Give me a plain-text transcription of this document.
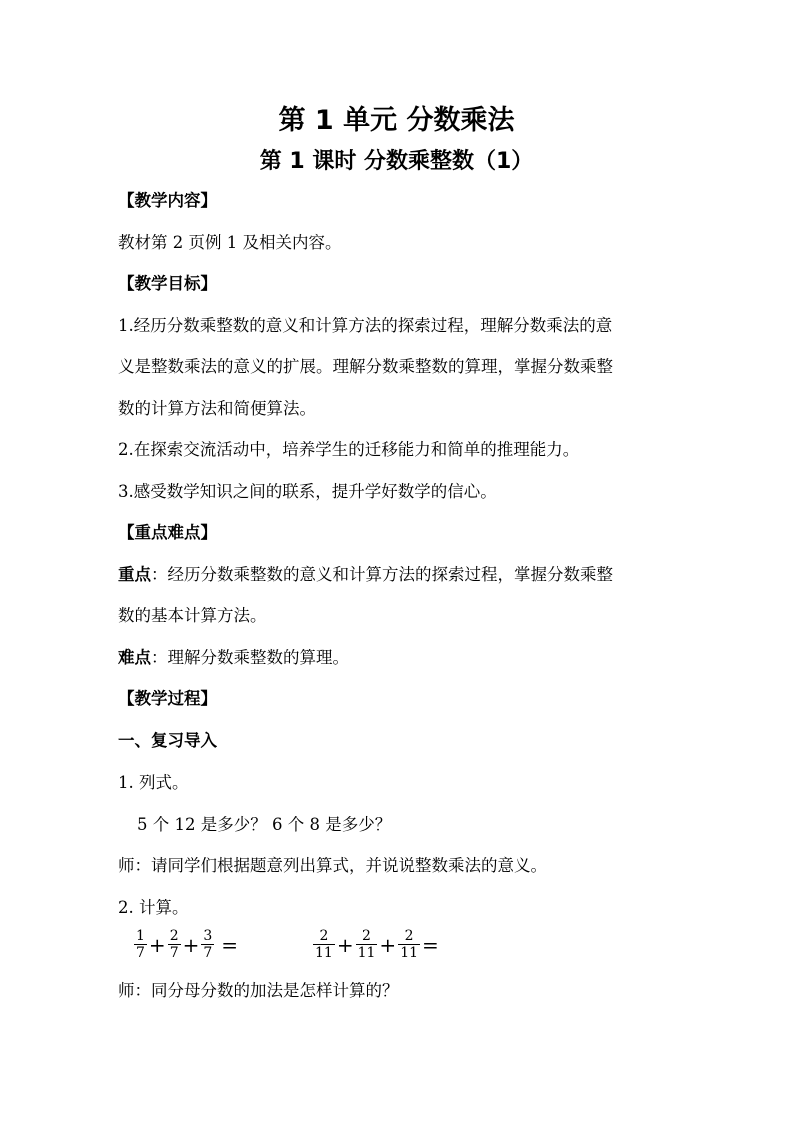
第 1 单元 分数乘法
第 1 课时 分数乘整数（1）
【教学内容】
教材第 2 页例 1 及相关内容。
【教学目标】
1.经历分数乘整数的意义和计算方法的探索过程，理解分数乘法的意
义是整数乘法的意义的扩展。理解分数乘整数的算理，掌握分数乘整
数的计算方法和简便算法。
2.在探索交流活动中，培养学生的迁移能力和简单的推理能力。
3.感受数学知识之间的联系，提升学好数学的信心。
【重点难点】
重点：经历分数乘整数的意义和计算方法的探索过程，掌握分数乘整
数的基本计算方法。
难点：理解分数乘整数的算理。
【教学过程】
一、复习导入
1. 列式。
5 个 12 是多少？ 6 个 8 是多少？
师：请同学们根据题意列出算式，并说说整数乘法的意义。
2. 计算。
$\frac{1}{7} + \frac{2}{7} + \frac{3}{7}$ =	$\frac{2}{11} + \frac{2}{11} + \frac{2}{11}$ =
师：同分母分数的加法是怎样计算的？
